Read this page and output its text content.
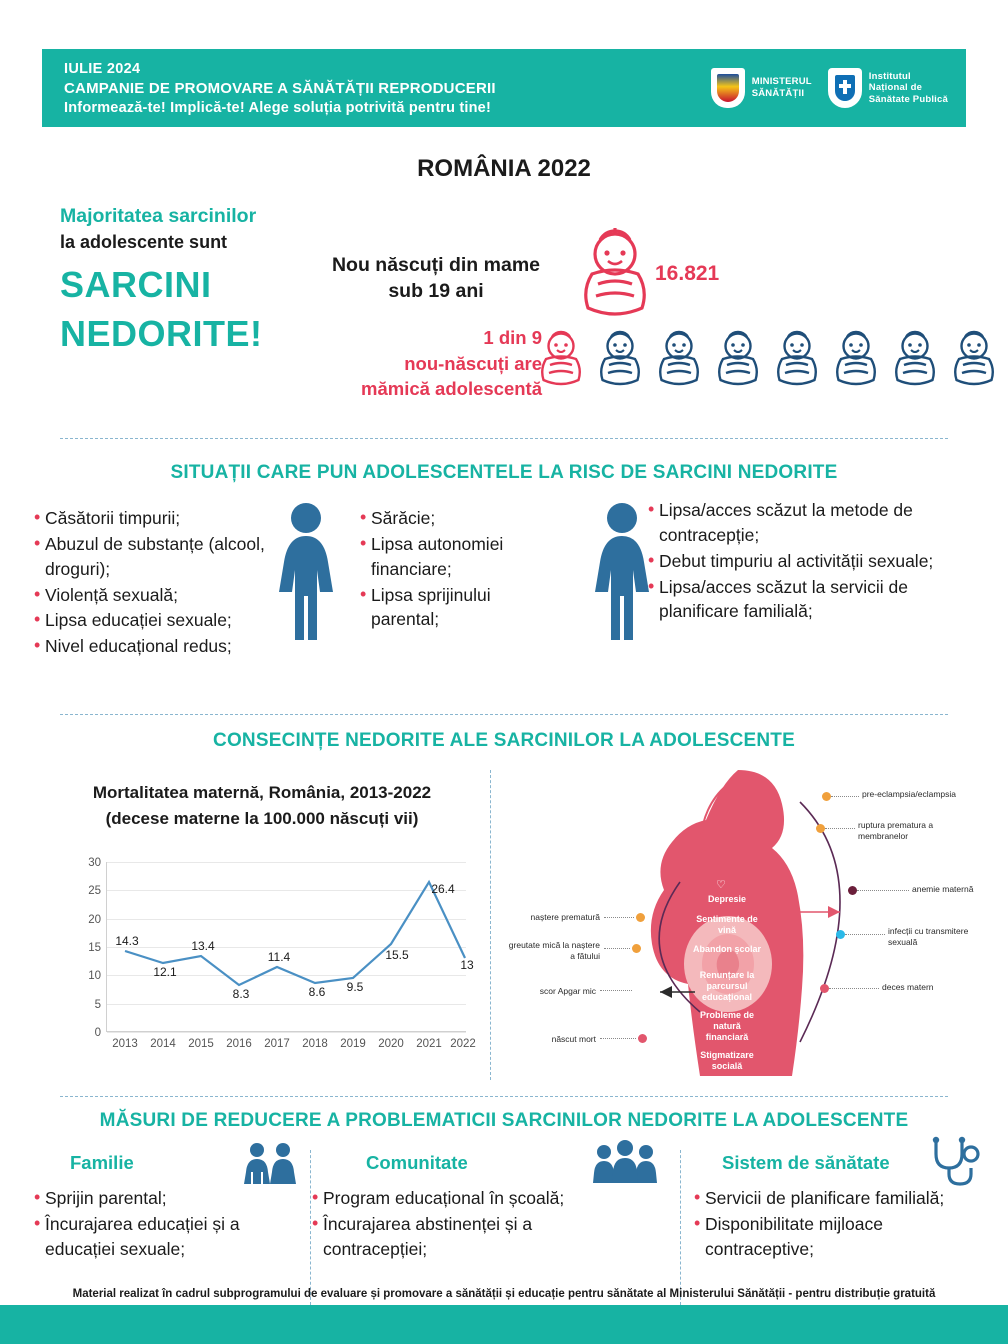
IULIE 2024
CAMPANIE DE PROMOVARE A SĂNĂTĂȚII REPRODUCERII
Informează-te! Implică-te! Alege soluția potrivită pentru tine!
MINISTERUL
SĂNĂTĂȚII
Institutul
Național de
Sănătate Publică
ROMÂNIA 2022
Majoritatea sarcinilor
la adolescente sunt
SARCINI
NEDORITE!
Nou născuți din mame sub 19 ani
16.821
1 din 9
nou-născuți are
mămică adolescentă
SITUAȚII CARE PUN ADOLESCENTELE LA RISC DE SARCINI NEDORITE
• Căsătorii timpurii;
• Abuzul de substanțe (alcool, droguri);
• Violență sexuală;
• Lipsa educației sexuale;
• Nivel educațional redus;
• Sărăcie;
• Lipsa autonomiei financiare;
• Lipsa sprijinului parental;
• Lipsa/acces scăzut la metode de contracepție;
• Debut timpuriu al activității sexuale;
• Lipsa/acces scăzut la servicii de planificare familială;
CONSECINȚE NEDORITE ALE SARCINILOR LA ADOLESCENTE
Mortalitatea maternă, România, 2013-2022
(decese materne la 100.000 născuți vii)
30
25
20
15
10
5
0
2013 2014 2015 2016 2017 2018 2019 2020 2021 2022
14.3
12.1
13.4
8.3
11.4
8.6 9.5
15.5
26.4
13
pre-eclampsia/eclampsia
ruptura prematura a membranelor
anemie maternă
infecții cu transmitere sexuală
deces matern
naștere prematură
greutate mică la naștere a fătului
scor Apgar mic
născut mort
♡
Depresie
Sentimente de vină
Abandon școlar
Renunțare la parcursul educațional
Probleme de natură financiară
Stigmatizare socială
MĂSURI DE REDUCERE A PROBLEMATICII SARCINILOR NEDORITE LA ADOLESCENTE
Familie
• Sprijin parental;
• Încurajarea educației și a educației sexuale;
Comunitate
• Program educațional în școală;
• Încurajarea abstinenței și a contracepției;
Sistem de sănătate
• Servicii de planificare familială;
• Disponibilitate mijloace contraceptive;
Material realizat în cadrul subprogramului de evaluare și promovare a sănătății și educație pentru sănătate al Ministerului Sănătății - pentru distribuție gratuită
